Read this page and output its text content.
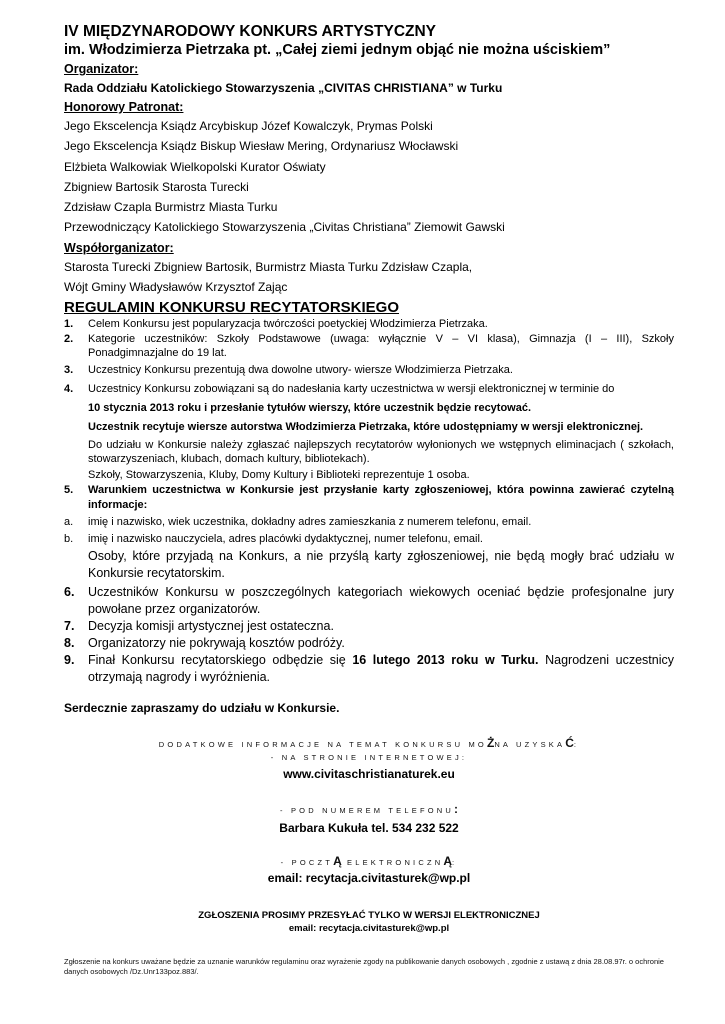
IV MIĘDZYNARODOWY KONKURS ARTYSTYCZNY
im. Włodzimierza Pietrzaka pt. „Całej ziemi jednym objąć nie można uściskiem”
Organizator:
Rada Oddziału Katolickiego Stowarzyszenia „CIVITAS CHRISTIANA” w Turku
Honorowy Patronat:
Jego Ekscelencja Ksiądz Arcybiskup Józef Kowalczyk, Prymas Polski
Jego Ekscelencja Ksiądz Biskup Wiesław Mering, Ordynariusz Włocławski
Elżbieta Walkowiak Wielkopolski Kurator Oświaty
Zbigniew Bartosik Starosta Turecki
Zdzisław Czapla Burmistrz Miasta Turku
Przewodniczący Katolickiego Stowarzyszenia „Civitas Christiana” Ziemowit Gawski
Współorganizator:
Starosta Turecki Zbigniew Bartosik, Burmistrz Miasta Turku Zdzisław Czapla,
Wójt Gminy Władysławów Krzysztof Zając
REGULAMIN KONKURSU RECYTATORSKIEGO
1. Celem Konkursu jest popularyzacja twórczości poetyckiej Włodzimierza Pietrzaka.
2. Kategorie uczestników: Szkoły Podstawowe (uwaga: wyłącznie V – VI klasa), Gimnazja (I – III), Szkoły Ponadgimnazjalne do 19 lat.
3. Uczestnicy Konkursu prezentują dwa dowolne utwory- wiersze Włodzimierza Pietrzaka.
4. Uczestnicy Konkursu zobowiązani są do nadesłania karty uczestnictwa w wersji elektronicznej w terminie do
10 stycznia 2013 roku i przesłanie tytułów wierszy, które uczestnik będzie recytować.
Uczestnik recytuje wiersze autorstwa Włodzimierza Pietrzaka, które udostępniamy w wersji elektronicznej.
Do udziału w Konkursie należy zgłaszać najlepszych recytatorów wyłonionych we wstępnych eliminacjach ( szkołach, stowarzyszeniach, klubach, domach kultury, bibliotekach).
Szkoły, Stowarzyszenia, Kluby, Domy Kultury i Biblioteki reprezentuje 1 osoba.
5. Warunkiem uczestnictwa w Konkursie jest przysłanie karty zgłoszeniowej, która powinna zawierać czytelną informacje:
a. imię i nazwisko, wiek uczestnika, dokładny adres zamieszkania z numerem telefonu, email.
b. imię i nazwisko nauczyciela, adres placówki dydaktycznej, numer telefonu, email.
Osoby, które przyjadą na Konkurs, a nie przyślą karty zgłoszeniowej, nie będą mogły brać udziału w Konkursie recytatorskim.
6. Uczestników Konkursu w poszczególnych kategoriach wiekowych oceniać będzie profesjonalne jury powołane przez organizatorów.
7. Decyzja komisji artystycznej jest ostateczna.
8. Organizatorzy nie pokrywają kosztów podróży.
9. Finał Konkursu recytatorskiego odbędzie się 16 lutego 2013 roku w Turku. Nagrodzeni uczestnicy otrzymają nagrody i wyróżnienia.
Serdecznie zapraszamy do udziału w Konkursie.
DODATKOWE INFORMACJE NA TEMAT KONKURSU MOŻNA UZYSKAĆ:
- NA STRONIE INTERNETOWEJ:
www.civitaschristianaturek.eu
- POD NUMEREM TELEFONU:
Barbara Kukuła tel. 534 232 522
- POCZTĄ ELEKTRONICZNĄ:
email: recytacja.civitasturek@wp.pl
ZGŁOSZENIA PROSIMY PRZESYŁAĆ TYLKO W WERSJI ELEKTRONICZNEJ
email: recytacja.civitasturek@wp.pl
Zgłoszenie na konkurs uważane będzie za uznanie warunków regulaminu oraz wyrażenie zgody na publikowanie danych osobowych , zgodnie z ustawą z dnia 28.08.97r. o ochronie danych osobowych /Dz.Unr133poz.883/.
